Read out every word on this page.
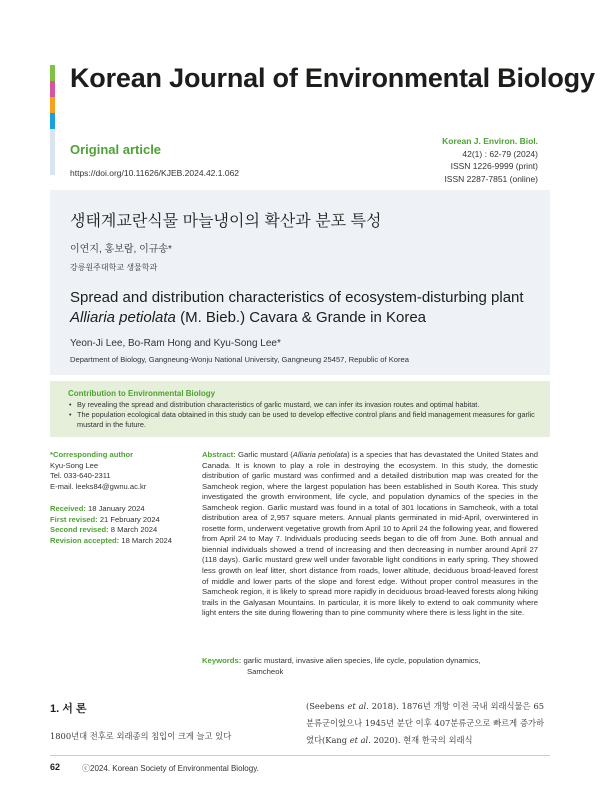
Korean Journal of Environmental Biology
Original article
https://doi.org/10.11626/KJEB.2024.42.1.062
Korean J. Environ. Biol.
42(1) : 62-79 (2024)
ISSN 1226-9999 (print)
ISSN 2287-7851 (online)
생태계교란식물 마늘냉이의 확산과 분포 특성
이연지, 홍보람, 이규송*
강릉원주대학교 생물학과
Spread and distribution characteristics of ecosystem-disturbing plant
Alliaria petiolata (M. Bieb.) Cavara & Grande in Korea
Yeon-Ji Lee, Bo-Ram Hong and Kyu-Song Lee*
Department of Biology, Gangneung-Wonju National University, Gangneung 25457, Republic of Korea
Contribution to Environmental Biology
• By revealing the spread and distribution characteristics of garlic mustard, we can infer its invasion routes and optimal habitat.
• The population ecological data obtained in this study can be used to develop effective control plans and field management measures for garlic mustard in the future.
*Corresponding author
Kyu-Song Lee
Tel. 033-640-2311
E-mail. leeks84@gwnu.ac.kr
Received: 18 January 2024
First revised: 21 February 2024
Second revised: 8 March 2024
Revision accepted: 18 March 2024
Abstract: Garlic mustard (Alliaria petiolata) is a species that has devastated the United States and Canada. It is known to play a role in destroying the ecosystem. In this study, the domestic distribution of garlic mustard was confirmed and a detailed distribution map was created for the Samcheok region, where the largest population has been established in South Korea. This study investigated the growth environment, life cycle, and population dynamics of the species in the Samcheok region. Garlic mustard was found in a total of 301 locations in Samcheok, with a total distribution area of 2,957 square meters. Annual plants germinated in mid-April, overwintered in rosette form, underwent vegetative growth from April 10 to April 24 the following year, and flowered from April 24 to May 7. Individuals producing seeds began to die off from June. Both annual and biennial individuals showed a trend of increasing and then decreasing in number around April 27 (118 days). Garlic mustard grew well under favorable light conditions in early spring. They showed less growth on leaf litter, short distance from roads, lower altitude, deciduous broad-leaved forest of middle and lower parts of the slope and forest edge. Without proper control measures in the Samcheok region, it is likely to spread more rapidly in deciduous broad-leaved forests along hiking trails in the Galyasan Mountains. In particular, it is more likely to extend to oak community where light enters the site during flowering than to pine community where there is less light in the site.
Keywords: garlic mustard, invasive alien species, life cycle, population dynamics,
Samcheok
1. 서 론
1800년대 전후로 외래종의 침입이 크게 늘고 있다
(Seebens et al. 2018). 1876년 개항 이전 국내 외래식물은 65분류군이었으나 1945년 분단 이후 407분류군으로 빠르게 증가하였다(Kang et al. 2020). 현재 한국의 외래식
62	ⓒ2024. Korean Society of Environmental Biology.
